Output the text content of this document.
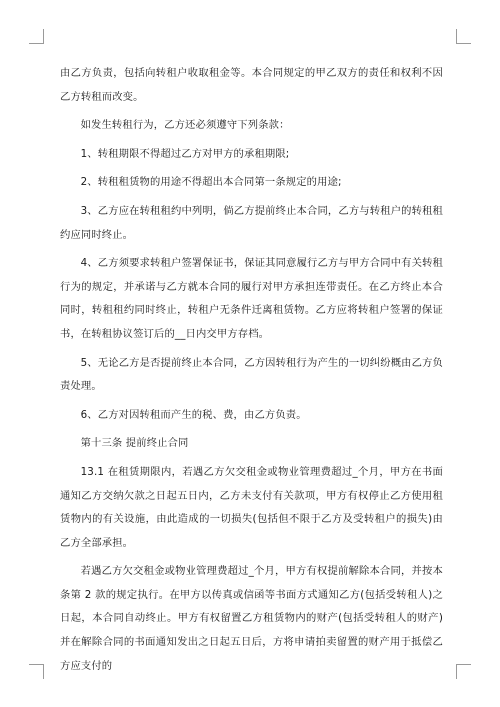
由乙方负责，包括向转租户收取租金等。本合同规定的甲乙双方的责任和权利不因乙方转租而改变。

如发生转租行为，乙方还必须遵守下列条款：

1、转租期限不得超过乙方对甲方的承租期限;

2、转租租赁物的用途不得超出本合同第一条规定的用途;

3、乙方应在转租租约中列明，倘乙方提前终止本合同，乙方与转租户的转租租约应同时终止。

4、乙方须要求转租户签署保证书，保证其同意履行乙方与甲方合同中有关转租行为的规定，并承诺与乙方就本合同的履行对甲方承担连带责任。在乙方终止本合同时，转租租约同时终止，转租户无条件迁离租赁物。乙方应将转租户签署的保证书，在转租协议签订后的__日内交甲方存档。

5、无论乙方是否提前终止本合同，乙方因转租行为产生的一切纠纷概由乙方负责处理。

6、乙方对因转租而产生的税、费，由乙方负责。

第十三条 提前终止合同

13.1 在租赁期限内，若遇乙方欠交租金或物业管理费超过_个月，甲方在书面通知乙方交纳欠款之日起五日内，乙方未支付有关款项，甲方有权停止乙方使用租赁物内的有关设施，由此造成的一切损失(包括但不限于乙方及受转租户的损失)由乙方全部承担。

若遇乙方欠交租金或物业管理费超过_个月，甲方有权提前解除本合同，并按本条第 2 款的规定执行。在甲方以传真或信函等书面方式通知乙方(包括受转租人)之日起，本合同自动终止。甲方有权留置乙方租赁物内的财产(包括受转租人的财产)并在解除合同的书面通知发出之日起五日后，方将申请拍卖留置的财产用于抵偿乙方应支付的
